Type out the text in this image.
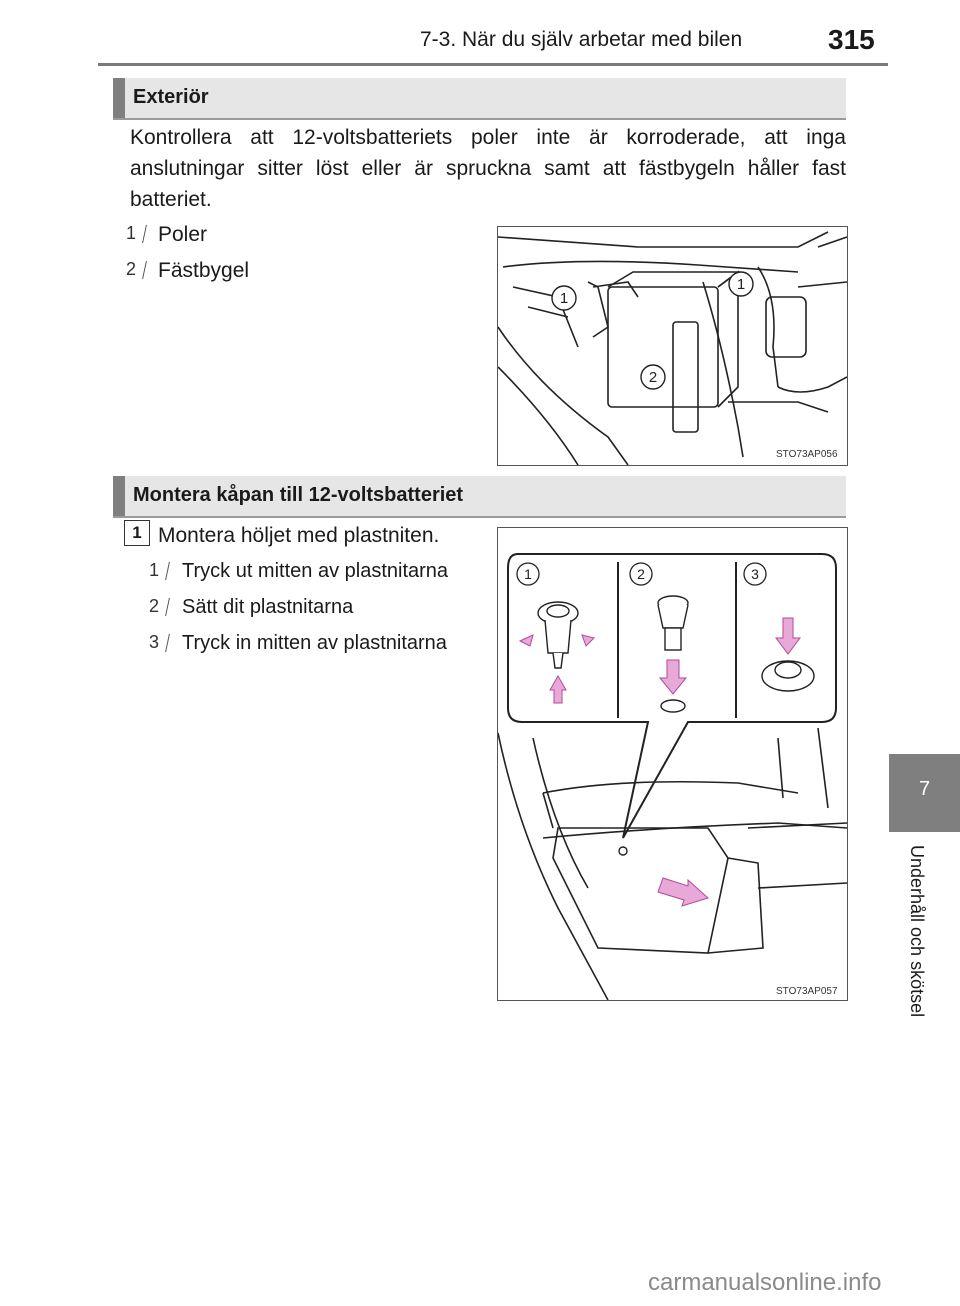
7-3. När du själv arbetar med bilen	315
Exteriör
Kontrollera att 12-voltsbatteriets poler inte är korroderade, att inga anslutningar sitter löst eller är spruckna samt att fästbygeln håller fast batteriet.
1 Poler
2 Fästbygel
1
1
2
STO73AP056
Montera kåpan till 12-voltsbatteriet
1 Montera höljet med plastniten.
1 Tryck ut mitten av plastnitarna
2 Sätt dit plastnitarna
3 Tryck in mitten av plastnitarna
1	2	3
STO73AP057
7
Underhåll och skötsel
carmanualsonline.info
